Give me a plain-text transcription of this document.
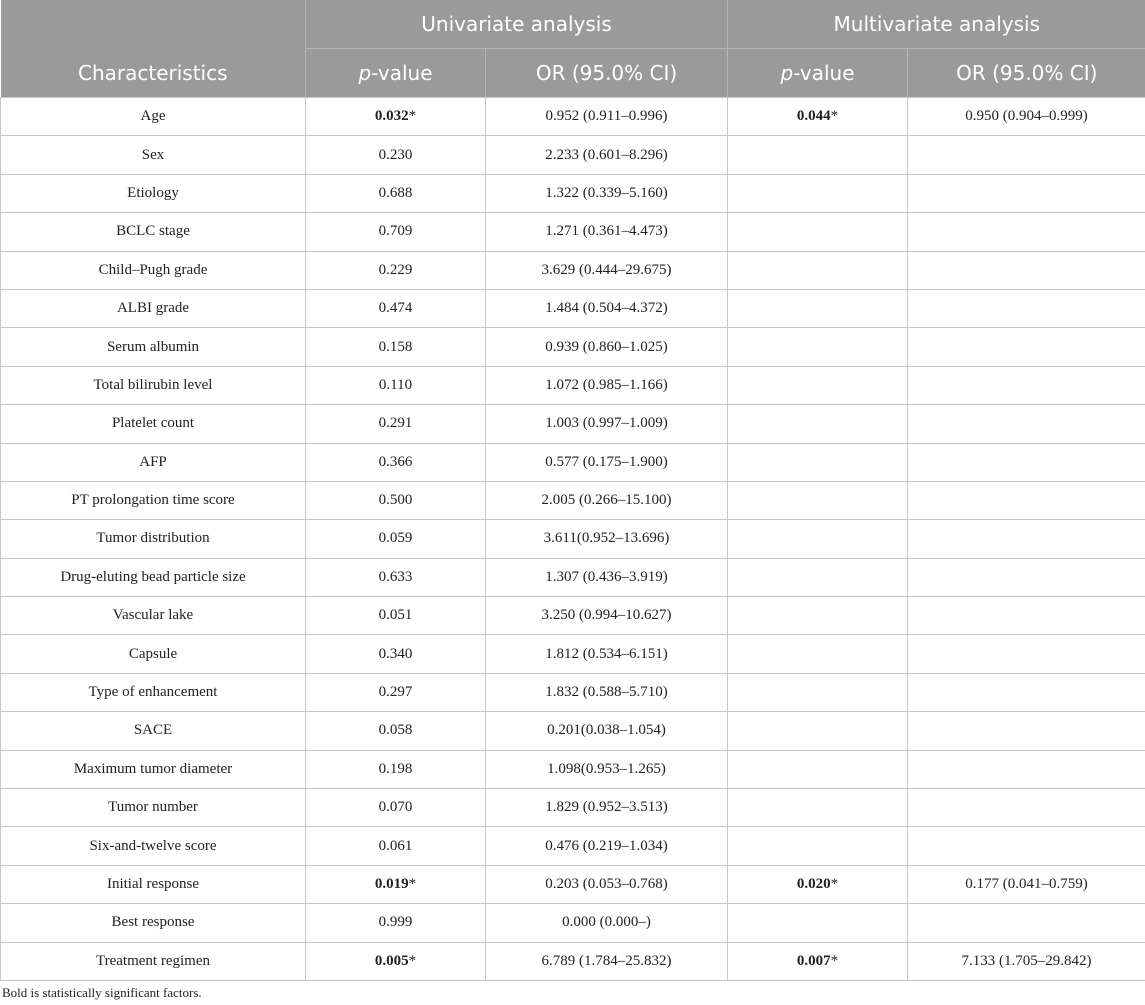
Characteristics	Univariate analysis		Multivariate analysis	
	p-value	OR (95.0% CI)	p-value	OR (95.0% CI)
Age	0.032*	0.952 (0.911–0.996)	0.044*	0.950 (0.904–0.999)
Sex	0.230	2.233 (0.601–8.296)		
Etiology	0.688	1.322 (0.339–5.160)		
BCLC stage	0.709	1.271 (0.361–4.473)		
Child–Pugh grade	0.229	3.629 (0.444–29.675)		
ALBI grade	0.474	1.484 (0.504–4.372)		
Serum albumin	0.158	0.939 (0.860–1.025)		
Total bilirubin level	0.110	1.072 (0.985–1.166)		
Platelet count	0.291	1.003 (0.997–1.009)		
AFP	0.366	0.577 (0.175–1.900)		
PT prolongation time score	0.500	2.005 (0.266–15.100)		
Tumor distribution	0.059	3.611(0.952–13.696)		
Drug-eluting bead particle size	0.633	1.307 (0.436–3.919)		
Vascular lake	0.051	3.250 (0.994–10.627)		
Capsule	0.340	1.812 (0.534–6.151)		
Type of enhancement	0.297	1.832 (0.588–5.710)		
SACE	0.058	0.201(0.038–1.054)		
Maximum tumor diameter	0.198	1.098(0.953–1.265)		
Tumor number	0.070	1.829 (0.952–3.513)		
Six-and-twelve score	0.061	0.476 (0.219–1.034)		
Initial response	0.019*	0.203 (0.053–0.768)	0.020*	0.177 (0.041–0.759)
Best response	0.999	0.000 (0.000–)		
Treatment regimen	0.005*	6.789 (1.784–25.832)	0.007*	7.133 (1.705–29.842)
Bold is statistically significant factors.
